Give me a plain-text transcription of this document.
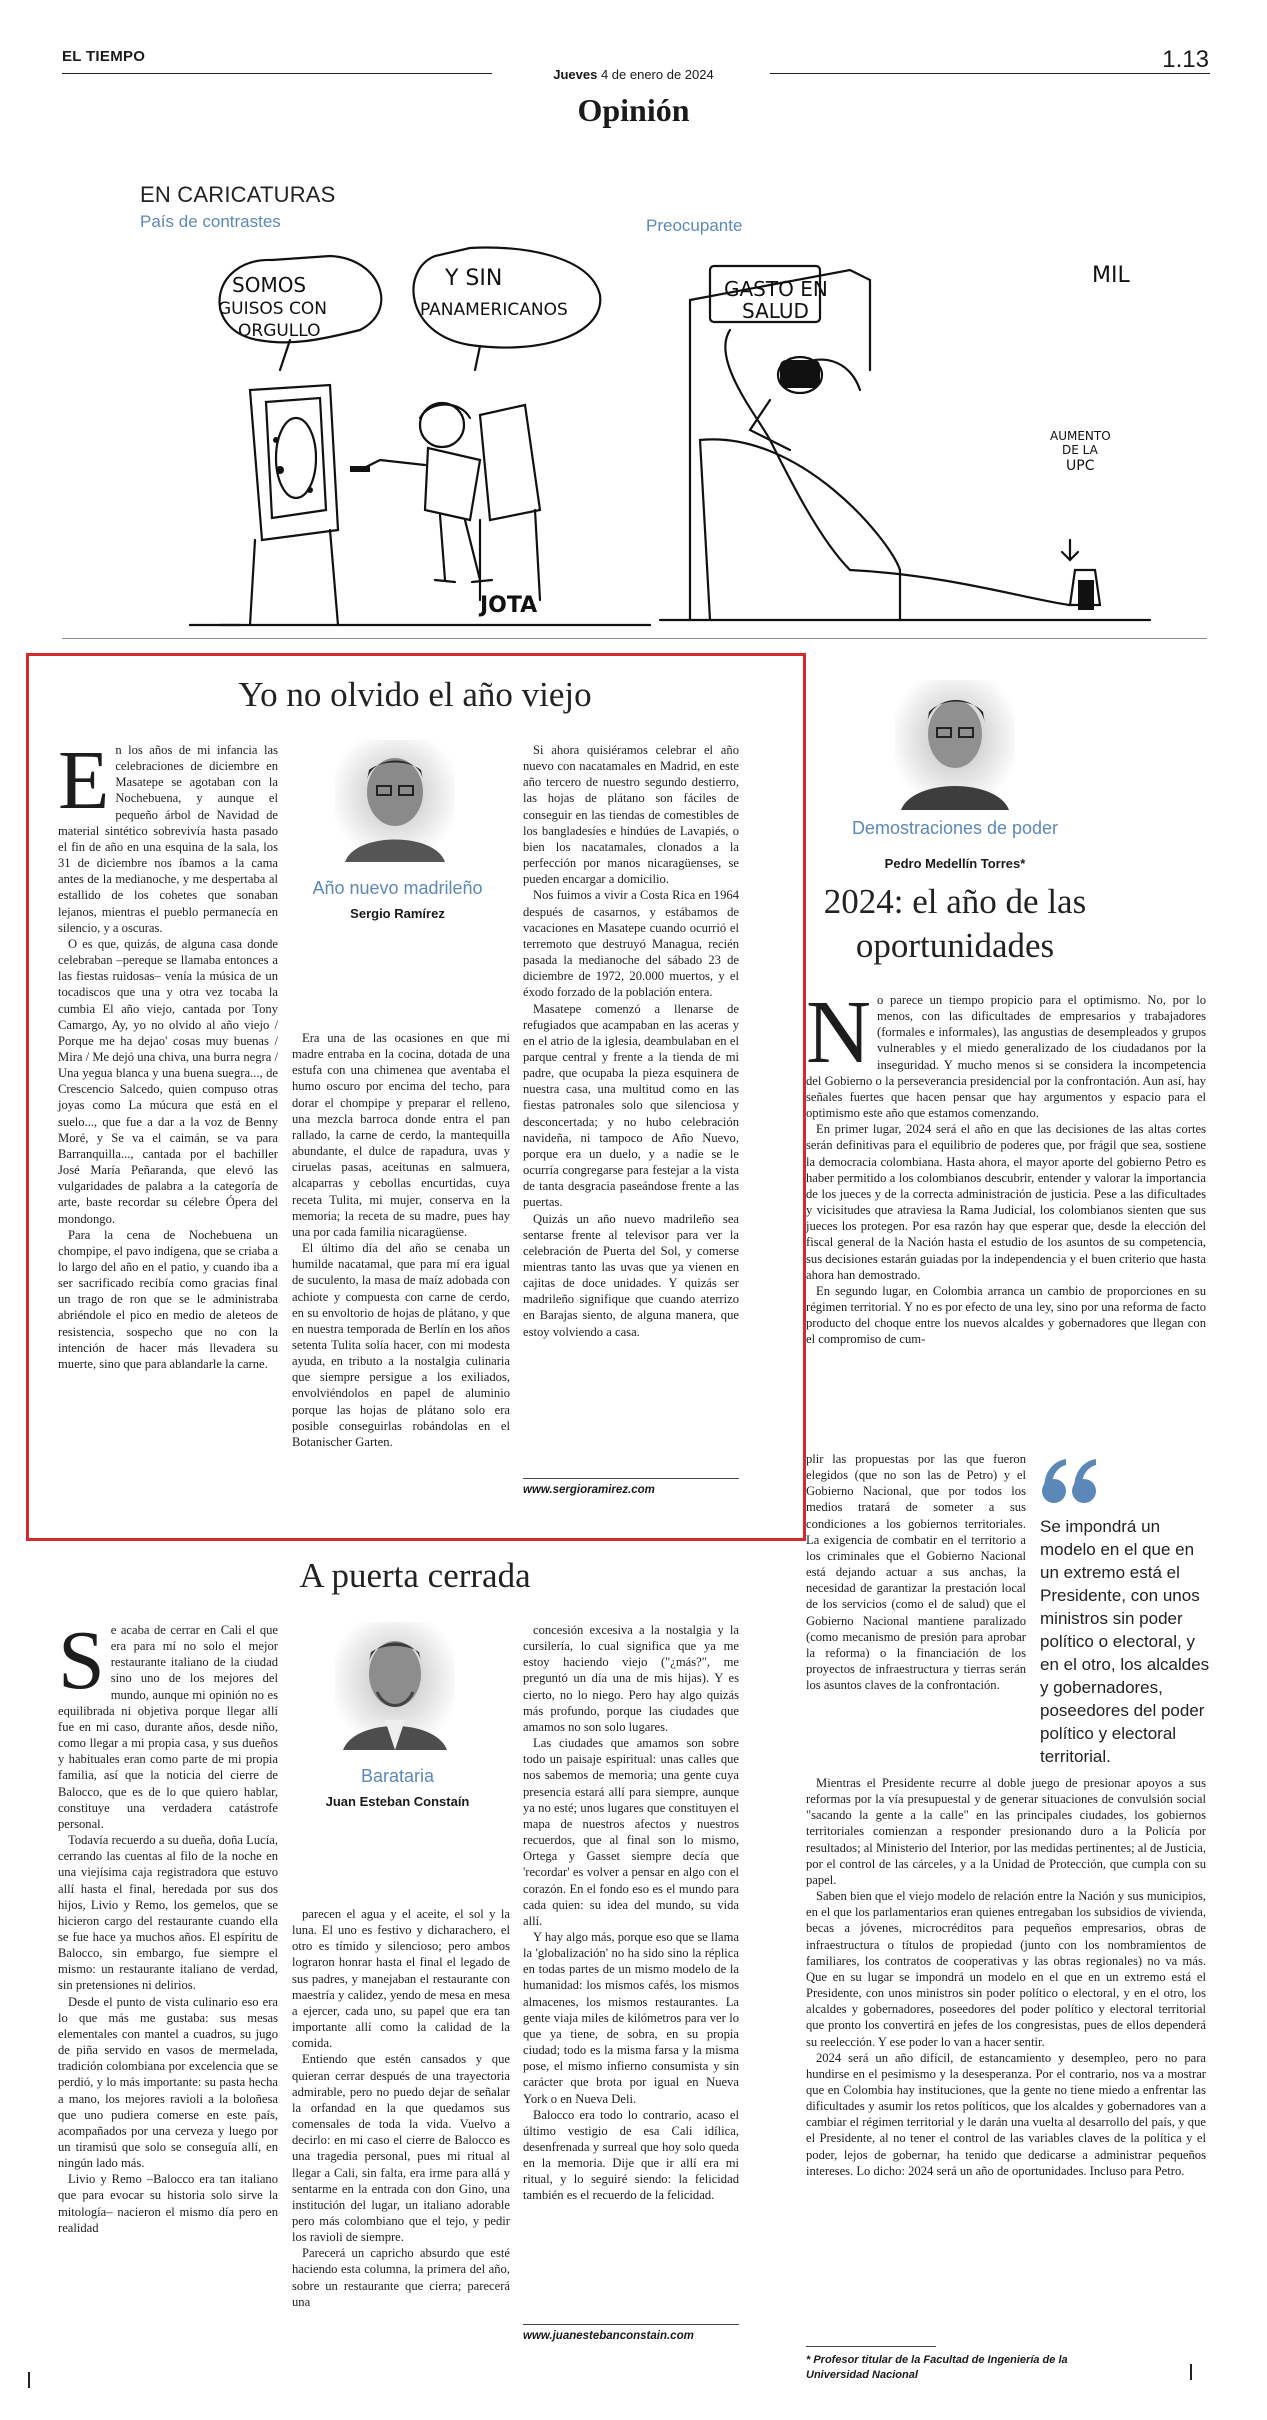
EL TIEMPO	1.13
Jueves 4 de enero de 2024
Opinión
EN CARICATURAS
País de contrastes	Preocupante
SOMOS
GUISOS CON
ORGULLO
Y SIN
PANAMERICANOS
JOTA
GASTO EN
SALUD
AUMENTO
DE LA
UPC
MIL
Yo no olvido el año viejo

En los años de mi infancia las celebraciones de diciembre en Masatepe se agotaban con la Nochebuena, y aunque el pequeño árbol de Navidad de material sintético sobrevivía hasta pasado el fin de año en una esquina de la sala, los 31 de diciembre nos íbamos a la cama antes de la medianoche, y me despertaba al estallido de los cohetes que sonaban lejanos, mientras el pueblo permanecía en silencio, y a oscuras.

O es que, quizás, de alguna casa donde celebraban –pereque se llamaba entonces a las fiestas ruidosas– venía la música de un tocadiscos que una y otra vez tocaba la cumbia El año viejo, cantada por Tony Camargo, Ay, yo no olvido al año viejo / Porque me ha dejao' cosas muy buenas / Mira / Me dejó una chiva, una burra negra / Una yegua blanca y una buena suegra..., de Crescencio Salcedo, quien compuso otras joyas como La múcura que está en el suelo..., que fue a dar a la voz de Benny Moré, y Se va el caimán, se va para Barranquilla..., cantada por el bachiller José María Peñaranda, que elevó las vulgaridades de palabra a la categoría de arte, baste recordar su célebre Ópera del mondongo.

Para la cena de Nochebuena un chompipe, el pavo indígena, que se criaba a lo largo del año en el patio, y cuando iba a ser sacrificado recibía como gracias final un trago de ron que se le administraba abriéndole el pico en medio de aleteos de resistencia, sospecho que no con la intención de hacer más llevadera su muerte, sino que para ablandarle la carne.

Año nuevo madrileño
Sergio Ramírez

Era una de las ocasiones en que mi madre entraba en la cocina, dotada de una estufa con una chimenea que aventaba el humo oscuro por encima del techo, para dorar el chompipe y preparar el relleno, una mezcla barroca donde entra el pan rallado, la carne de cerdo, la mantequilla abundante, el dulce de rapadura, uvas y ciruelas pasas, aceitunas en salmuera, alcaparras y cebollas encurtidas, cuya receta Tulita, mi mujer, conserva en la memoria; la receta de su madre, pues hay una por cada familia nicaragüense.

El último día del año se cenaba un humilde nacatamal, que para mí era igual de suculento, la masa de maíz adobada con achiote y compuesta con carne de cerdo, en su envoltorio de hojas de plátano, y que en nuestra temporada de Berlín en los años setenta Tulita solía hacer, con mi modesta ayuda, en tributo a la nostalgia culinaria que siempre persigue a los exiliados, envolviéndolos en papel de aluminio porque las hojas de plátano solo era posible conseguirlas robándolas en el Botanischer Garten.

Si ahora quisiéramos celebrar el año nuevo con nacatamales en Madrid, en este año tercero de nuestro segundo destierro, las hojas de plátano son fáciles de conseguir en las tiendas de comestibles de los bangladesíes e hindúes de Lavapiés, o bien los nacatamales, clonados a la perfección por manos nicaragüenses, se pueden encargar a domicilio.

Nos fuimos a vivir a Costa Rica en 1964 después de casarnos, y estábamos de vacaciones en Masatepe cuando ocurrió el terremoto que destruyó Managua, recién pasada la medianoche del sábado 23 de diciembre de 1972, 20.000 muertos, y el éxodo forzado de la población entera.

Masatepe comenzó a llenarse de refugiados que acampaban en las aceras y en el atrio de la iglesia, deambulaban en el parque central y frente a la tienda de mi padre, que ocupaba la pieza esquinera de nuestra casa, una multitud como en las fiestas patronales solo que silenciosa y desconcertada; y no hubo celebración navideña, ni tampoco de Año Nuevo, porque era un duelo, y a nadie se le ocurría congregarse para festejar a la vista de tanta desgracia paseándose frente a las puertas.

Quizás un año nuevo madrileño sea sentarse frente al televisor para ver la celebración de Puerta del Sol, y comerse mientras tanto las uvas que ya vienen en cajitas de doce unidades. Y quizás ser madrileño signifique que cuando aterrizo en Barajas siento, de alguna manera, que estoy volviendo a casa.

www.sergioramirez.com
A puerta cerrada

Se acaba de cerrar en Cali el que era para mí no solo el mejor restaurante italiano de la ciudad sino uno de los mejores del mundo, aunque mi opinión no es equilibrada ni objetiva porque llegar allí fue en mi caso, durante años, desde niño, como llegar a mi propia casa, y sus dueños y habituales eran como parte de mi propia familia, así que la noticia del cierre de Balocco, que es de lo que quiero hablar, constituye una verdadera catástrofe personal.

Todavía recuerdo a su dueña, doña Lucía, cerrando las cuentas al filo de la noche en una viejísima caja registradora que estuvo allí hasta el final, heredada por sus dos hijos, Livio y Remo, los gemelos, que se hicieron cargo del restaurante cuando ella se fue hace ya muchos años. El espíritu de Balocco, sin embargo, fue siempre el mismo: un restaurante italiano de verdad, sin pretensiones ni delirios.

Desde el punto de vista culinario eso era lo que más me gustaba: sus mesas elementales con mantel a cuadros, su jugo de piña servido en vasos de mermelada, tradición colombiana por excelencia que se perdió, y lo más importante: su pasta hecha a mano, los mejores ravioli a la boloñesa que uno pudiera comerse en este país, acompañados por una cerveza y luego por un tiramisú que solo se conseguía allí, en ningún lado más.

Livio y Remo –Balocco era tan italiano que para evocar su historia solo sirve la mitología– nacieron el mismo día pero en realidad

Barataria
Juan Esteban Constaín

parecen el agua y el aceite, el sol y la luna. El uno es festivo y dicharachero, el otro es tímido y silencioso; pero ambos lograron honrar hasta el final el legado de sus padres, y manejaban el restaurante con maestría y calidez, yendo de mesa en mesa a ejercer, cada uno, su papel que era tan importante allí como la calidad de la comida.

Entiendo que estén cansados y que quieran cerrar después de una trayectoria admirable, pero no puedo dejar de señalar la orfandad en la que quedamos sus comensales de toda la vida. Vuelvo a decirlo: en mi caso el cierre de Balocco es una tragedia personal, pues mi ritual al llegar a Cali, sin falta, era irme para allá y sentarme en la entrada con don Gino, una institución del lugar, un italiano adorable pero más colombiano que el tejo, y pedir los ravioli de siempre.

Parecerá un capricho absurdo que esté haciendo esta columna, la primera del año, sobre un restaurante que cierra; parecerá una

concesión excesiva a la nostalgia y la cursilería, lo cual significa que ya me estoy haciendo viejo ("¿más?", me preguntó un día una de mis hijas). Y es cierto, no lo niego. Pero hay algo quizás más profundo, porque las ciudades que amamos no son solo lugares.

Las ciudades que amamos son sobre todo un paisaje espiritual: unas calles que nos sabemos de memoria; una gente cuya presencia estará allí para siempre, aunque ya no esté; unos lugares que constituyen el mapa de nuestros afectos y nuestros recuerdos, que al final son lo mismo, Ortega y Gasset siempre decía que 'recordar' es volver a pensar en algo con el corazón. En el fondo eso es el mundo para cada quien: su idea del mundo, su vida allí.

Y hay algo más, porque eso que se llama la 'globalización' no ha sido sino la réplica en todas partes de un mismo modelo de la humanidad: los mismos cafés, los mismos almacenes, los mismos restaurantes. La gente viaja miles de kilómetros para ver lo que ya tiene, de sobra, en su propia ciudad; todo es la misma farsa y la misma pose, el mismo infierno consumista y sin carácter que brota por igual en Nueva York o en Nueva Deli.

Balocco era todo lo contrario, acaso el último vestigio de esa Cali idílica, desenfrenada y surreal que hoy solo queda en la memoria. Dije que ir allí era mi ritual, y lo seguiré siendo: la felicidad también es el recuerdo de la felicidad.

www.juanestebanconstain.com
Demostraciones de poder
Pedro Medellín Torres*
2024: el año de las oportunidades

No parece un tiempo propicio para el optimismo. No, por lo menos, con las dificultades de empresarios y trabajadores (formales e informales), las angustias de desempleados y grupos vulnerables y el miedo generalizado de los ciudadanos por la inseguridad. Y mucho menos si se considera la incompetencia del Gobierno o la perseverancia presidencial por la confrontación. Aun así, hay señales fuertes que hacen pensar que hay argumentos y espacio para el optimismo este año que estamos comenzando.

En primer lugar, 2024 será el año en que las decisiones de las altas cortes serán definitivas para el equilibrio de poderes que, por frágil que sea, sostiene la democracia colombiana. Hasta ahora, el mayor aporte del gobierno Petro es haber permitido a los colombianos descubrir, entender y valorar la importancia de los jueces y de la correcta administración de justicia. Pese a las dificultades y vicisitudes que atraviesa la Rama Judicial, los colombianos sienten que sus jueces los protegen. Por esa razón hay que esperar que, desde la elección del fiscal general de la Nación hasta el estudio de los asuntos de su competencia, sus decisiones estarán guiadas por la independencia y el buen criterio que hasta ahora han demostrado.

En segundo lugar, en Colombia arranca un cambio de proporciones en su régimen territorial. Y no es por efecto de una ley, sino por una reforma de facto producto del choque entre los nuevos alcaldes y gobernadores que llegan con el compromiso de cum-

plir las propuestas por las que fueron elegidos (que no son las de Petro) y el Gobierno Nacional, que por todos los medios tratará de someter a sus condiciones a los gobiernos territoriales. La exigencia de combatir en el territorio a los criminales que el Gobierno Nacional está dejando actuar a sus anchas, la necesidad de garantizar la prestación local de los servicios (como el de salud) que el Gobierno Nacional mantiene paralizado (como mecanismo de presión para aprobar la reforma) o la financiación de los proyectos de infraestructura y tierras serán los asuntos claves de la confrontación.

Se impondrá un modelo en el que en un extremo está el Presidente, con unos ministros sin poder político o electoral, y en el otro, los alcaldes y gobernadores, poseedores del poder político y electoral territorial.

Mientras el Presidente recurre al doble juego de presionar apoyos a sus reformas por la vía presupuestal y de generar situaciones de convulsión social "sacando la gente a la calle" en las principales ciudades, los gobiernos territoriales comienzan a responder presionando duro a la Policía por resultados; al Ministerio del Interior, por las medidas pertinentes; al de Justicia, por el control de las cárceles, y a la Unidad de Protección, que cumpla con su papel.

Saben bien que el viejo modelo de relación entre la Nación y sus municipios, en el que los parlamentarios eran quienes entregaban los subsidios de vivienda, becas a jóvenes, microcréditos para pequeños empresarios, obras de infraestructura o títulos de propiedad (junto con los nombramientos de familiares, los contratos de cooperativas y las obras regionales) no va más. Que en su lugar se impondrá un modelo en el que en un extremo está el Presidente, con unos ministros sin poder político o electoral, y en el otro, los alcaldes y gobernadores, poseedores del poder político y electoral territorial que pronto los convertirá en jefes de los congresistas, pues de ellos dependerá su reelección. Y ese poder lo van a hacer sentir.

2024 será un año difícil, de estancamiento y desempleo, pero no para hundirse en el pesimismo y la desesperanza. Por el contrario, nos va a mostrar que en Colombia hay instituciones, que la gente no tiene miedo a enfrentar las dificultades y asumir los retos políticos, que los alcaldes y gobernadores van a cambiar el régimen territorial y le darán una vuelta al desarrollo del país, y que el Presidente, al no tener el control de las variables claves de la política y el poder, lejos de gobernar, ha tenido que dedicarse a administrar pequeños intereses. Lo dicho: 2024 será un año de oportunidades. Incluso para Petro.

* Profesor titular de la Facultad de Ingeniería de la Universidad Nacional
